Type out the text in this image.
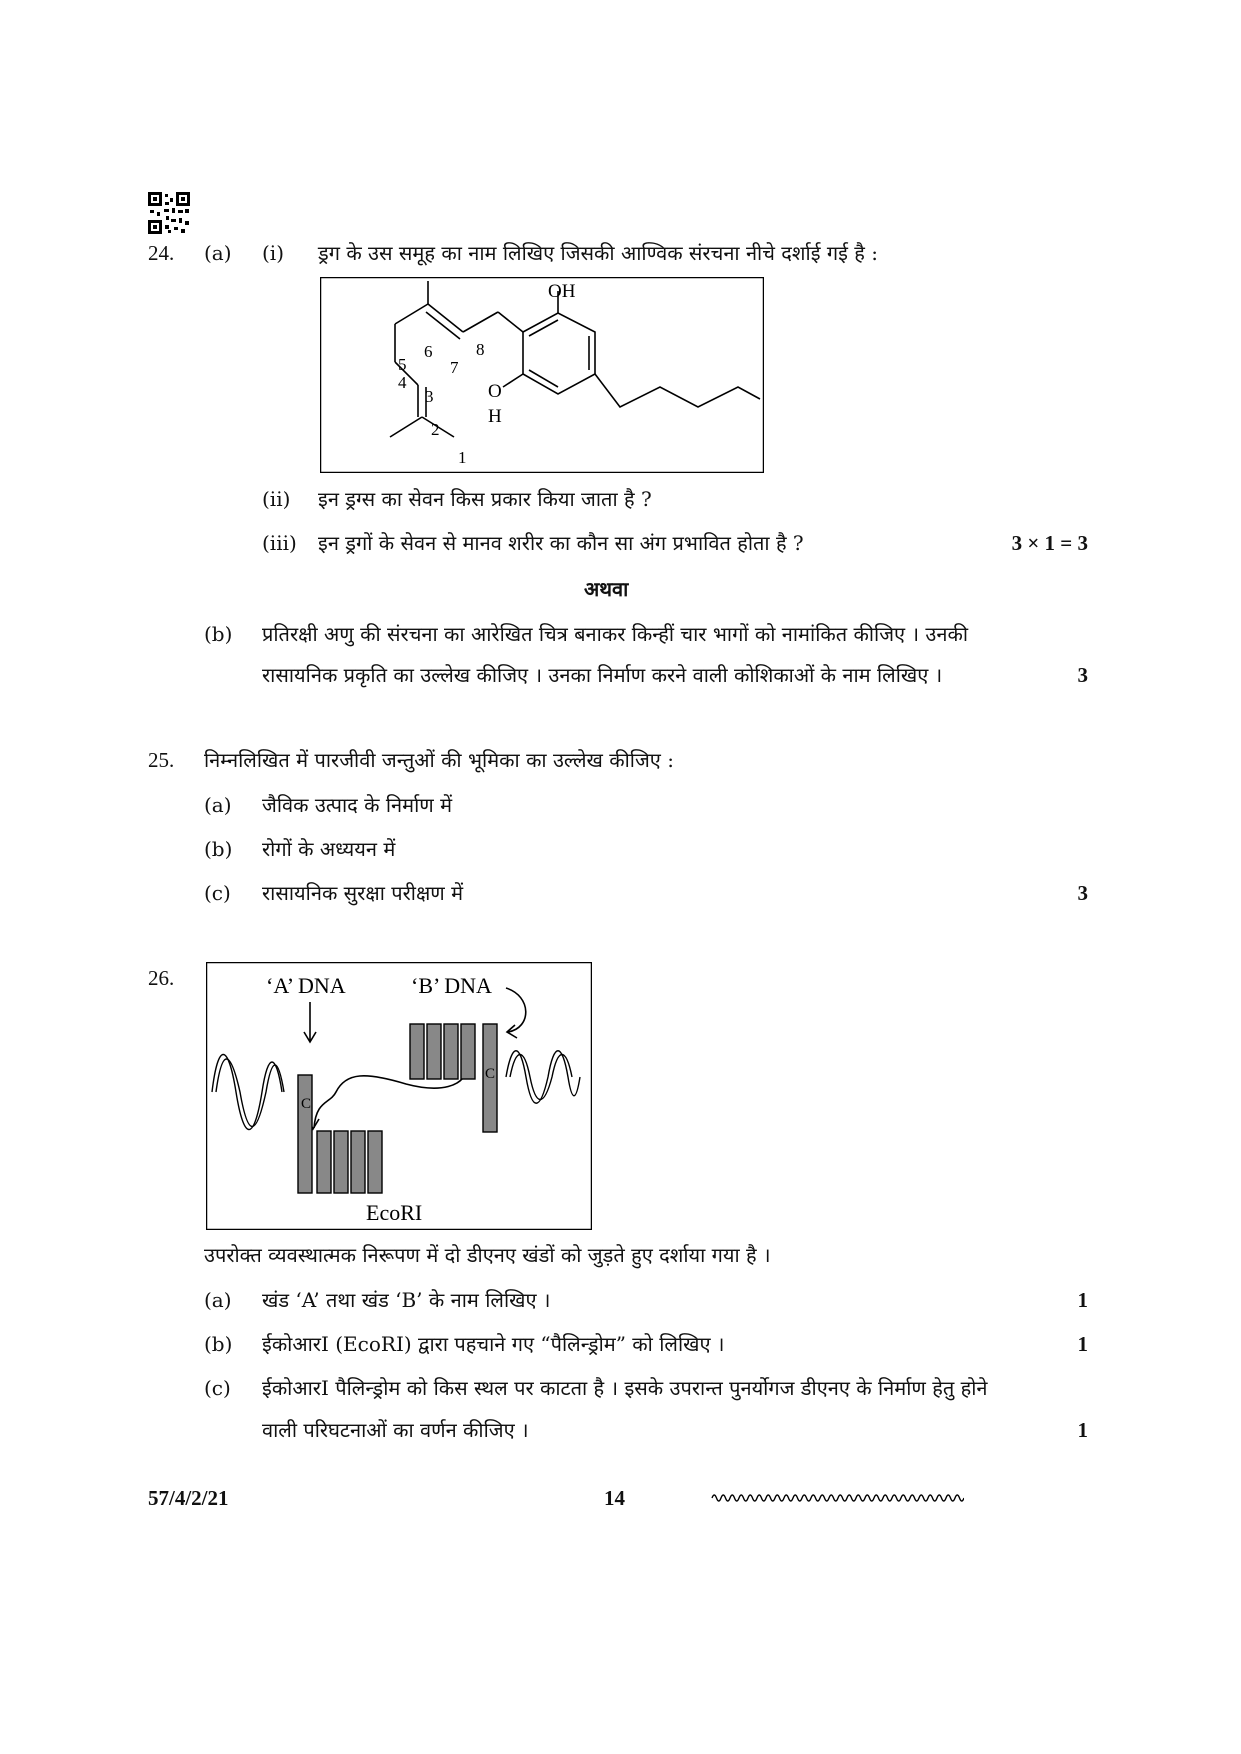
24. (a) (i) ड्रग के उस समूह का नाम लिखिए जिसकी आण्विक संरचना नीचे दर्शाई गई है :
OH
O
H
1
2
3
4
5
6
7
8
(ii) इन ड्रग्स का सेवन किस प्रकार किया जाता है ?
(iii) इन ड्रगों के सेवन से मानव शरीर का कौन सा अंग प्रभावित होता है ?	3 × 1 = 3
अथवा
(b) प्रतिरक्षी अणु की संरचना का आरेखित चित्र बनाकर किन्हीं चार भागों को नामांकित कीजिए । उनकी
रासायनिक प्रकृति का उल्लेख कीजिए । उनका निर्माण करने वाली कोशिकाओं के नाम लिखिए ।	3
25. निम्नलिखित में पारजीवी जन्तुओं की भूमिका का उल्लेख कीजिए :
(a) जैविक उत्पाद के निर्माण में
(b) रोगों के अध्ययन में
(c) रासायनिक सुरक्षा परीक्षण में	3
26.	‘A’ DNA	‘B’ DNA
C
C
EcoRI
उपरोक्त व्यवस्थात्मक निरूपण में दो डीएनए खंडों को जुड़ते हुए दर्शाया गया है ।
(a) खंड ‘A’ तथा खंड ‘B’ के नाम लिखिए ।	1
(b) ईकोआरI (EcoRI) द्वारा पहचाने गए “पैलिन्ड्रोम” को लिखिए ।	1
(c) ईकोआरI पैलिन्ड्रोम को किस स्थल पर काटता है । इसके उपरान्त पुनर्योगज डीएनए के निर्माण हेतु होने
वाली परिघटनाओं का वर्णन कीजिए ।	1
57/4/2/21	14
